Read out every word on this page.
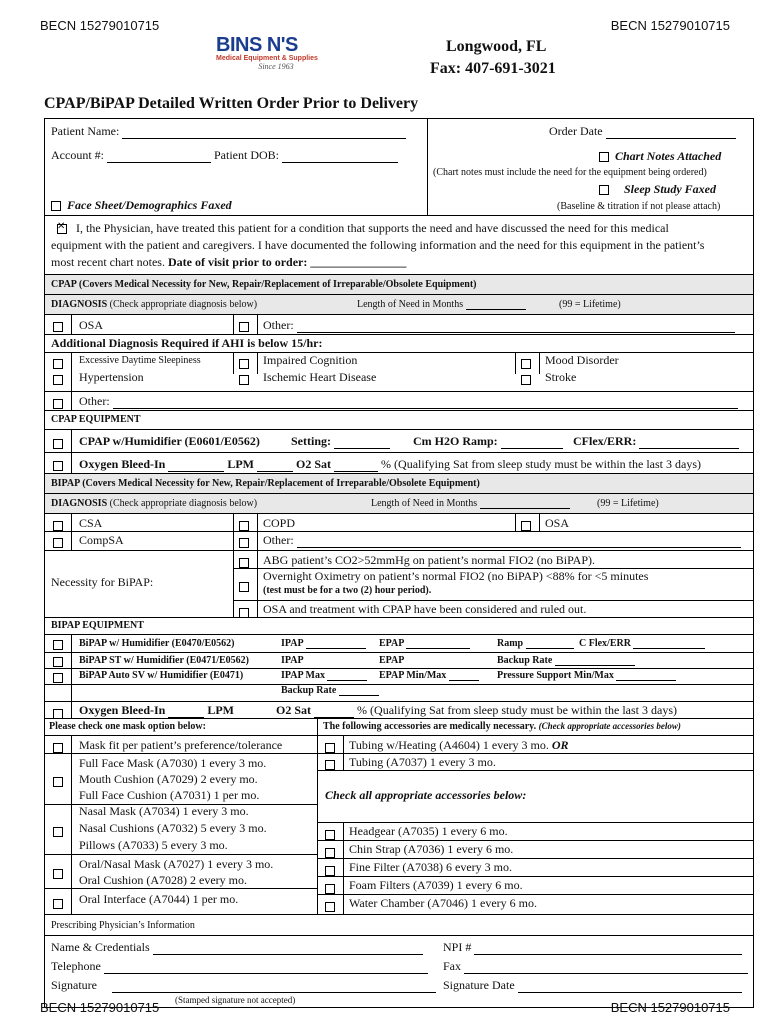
BECN 15279010715	BECN 15279010715
BINS N'S
Medical Equipment & Supplies
Since 1963
Longwood, FL
Fax: 407-691-3021
CPAP/BiPAP Detailed Written Order Prior to Delivery
Patient Name:
Account #:	Patient DOB:
Face Sheet/Demographics Faxed
Order Date
Chart Notes Attached
(Chart notes must include the need for the equipment being ordered)
Sleep Study Faxed
(Baseline & titration if not please attach)
✕   I, the Physician, have treated this patient for a condition that supports the need and have discussed the need for this medical
equipment with the patient and caregivers. I have documented the following information and the need for this equipment in the patient’s
most recent chart notes. Date of visit prior to order: ________________
CPAP (Covers Medical Necessity for New, Repair/Replacement of Irreparable/Obsolete Equipment)
DIAGNOSIS (Check appropriate diagnosis below)	Length of Need in Months	(99 = Lifetime)
OSA	Other:
Additional Diagnosis Required if AHI is below 15/hr:
Excessive Daytime Sleepiness	Impaired Cognition	Mood Disorder
Hypertension	Ischemic Heart Disease	Stroke
Other:
CPAP EQUIPMENT
CPAP w/Humidifier (E0601/E0562)	Setting:	Cm H2O Ramp:	CFlex/ERR:
Oxygen Bleed-In	LPM	O2 Sat	% (Qualifying Sat from sleep study must be within the last 3 days)
BIPAP (Covers Medical Necessity for New, Repair/Replacement of Irreparable/Obsolete Equipment)
DIAGNOSIS (Check appropriate diagnosis below)	Length of Need in Months	(99 = Lifetime)
CSA	COPD	OSA
CompSA	Other:
Necessity for BiPAP:
ABG patient’s CO2>52mmHg on patient’s normal FIO2 (no BiPAP).
Overnight Oximetry on patient’s normal FIO2 (no BiPAP) <88% for <5 minutes
(test must be for a two (2) hour period).
OSA and treatment with CPAP have been considered and ruled out.
BIPAP EQUIPMENT
BiPAP w/ Humidifier (E0470/E0562)	IPAP	EPAP	Ramp	C Flex/ERR
BiPAP ST w/ Humidifier (E0471/E0562)	IPAP	EPAP	Backup Rate
BiPAP Auto SV w/ Humidifier (E0471)	IPAP Max	EPAP Min/Max	Pressure Support Min/Max
Backup Rate
Oxygen Bleed-In	LPM	O2 Sat	% (Qualifying Sat from sleep study must be within the last 3 days)
Please check one mask option below:	The following accessories are medically necessary. (Check appropriate accessories below)
Mask fit per patient’s preference/tolerance
Full Face Mask (A7030) 1 every 3 mo.
Mouth Cushion (A7029) 2 every mo.
Full Face Cushion (A7031) 1 per mo.
Nasal Mask (A7034) 1 every 3 mo.
Nasal Cushions (A7032) 5 every 3 mo.
Pillows (A7033) 5 every 3 mo.
Oral/Nasal Mask (A7027) 1 every 3 mo.
Oral Cushion (A7028) 2 every mo.
Oral Interface (A7044) 1 per mo.
Tubing w/Heating (A4604) 1 every 3 mo. OR
Tubing (A7037) 1 every 3 mo.
Check all appropriate accessories below:
Headgear (A7035) 1 every 6 mo.
Chin Strap (A7036) 1 every 6 mo.
Fine Filter (A7038) 6 every 3 mo.
Foam Filters (A7039) 1 every 6 mo.
Water Chamber (A7046) 1 every 6 mo.
Prescribing Physician’s Information
Name & Credentials	NPI #
Telephone	Fax
Signature	Signature Date
(Stamped signature not accepted)
BECN 15279010715	BECN 15279010715
